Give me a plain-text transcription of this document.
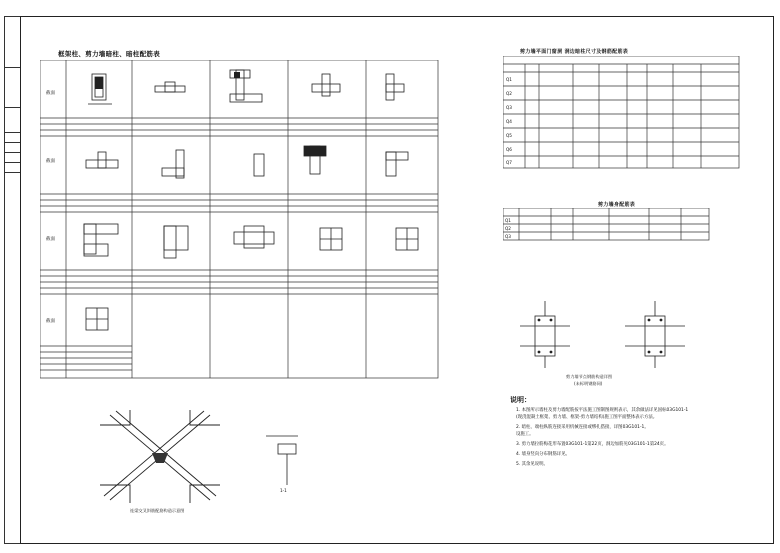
框架柱、剪力墙暗柱、暗柱配筋表
截面
截面
截面
截面
剪力墙平面门窗洞 洞边暗柱尺寸及钢筋配筋表
Q1
Q2
Q3
Q4
Q5
Q6
Q7
剪力墙身配筋表
Q1
Q2
Q3
剪力墙节点钢筋构造详图
(未标明钢筋同)
说明：
1. 本图所示墙柱及剪力墙配筋按平法施工图制图规则表示，其余做法详见国标03G101-1
(现浇混凝土框架、剪力墙、框架-剪力墙结构)施工图平面整体表示方法。
2. 暗柱、端柱纵筋连接采用机械连接或绑扎搭接，详图03G101-1。
设施工。
3. 剪力墙拉筋梅花形布置03G101-1第22页，洞边加筋见03G101-1第24页。
4. 墙身竖向分布钢筋详见。
5. 其余见说明。
连梁交叉斜筋配筋构造示意图
1-1
